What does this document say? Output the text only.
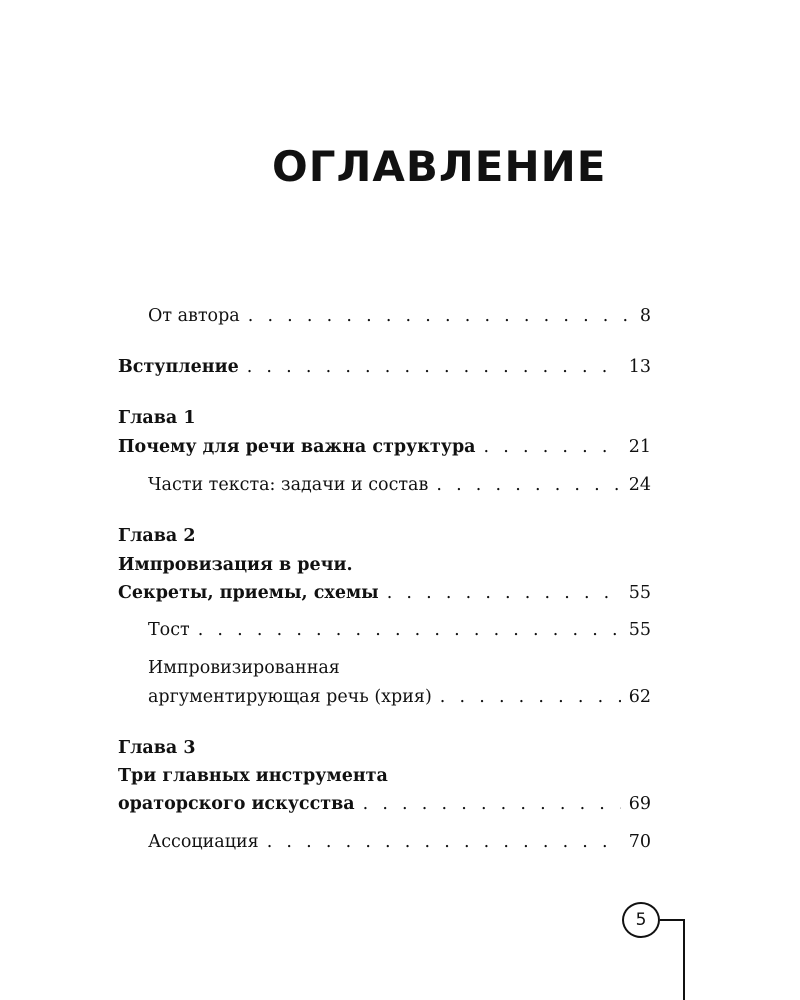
ОГЛАВЛЕНИЕ
От автора . . .	8
Вступление . . .	13
Глава 1
Почему для речи важна структура . . .	21
Части текста: задачи и состав . . .	24
Глава 2
Импровизация в речи.
Секреты, приемы, схемы . . .	55
Тост . . .	55
Импровизированная
аргументирующая речь (хрия) . . .	62
Глава 3
Три главных инструмента
ораторского искусства . . .	69
Ассоциация . . .	70
5
